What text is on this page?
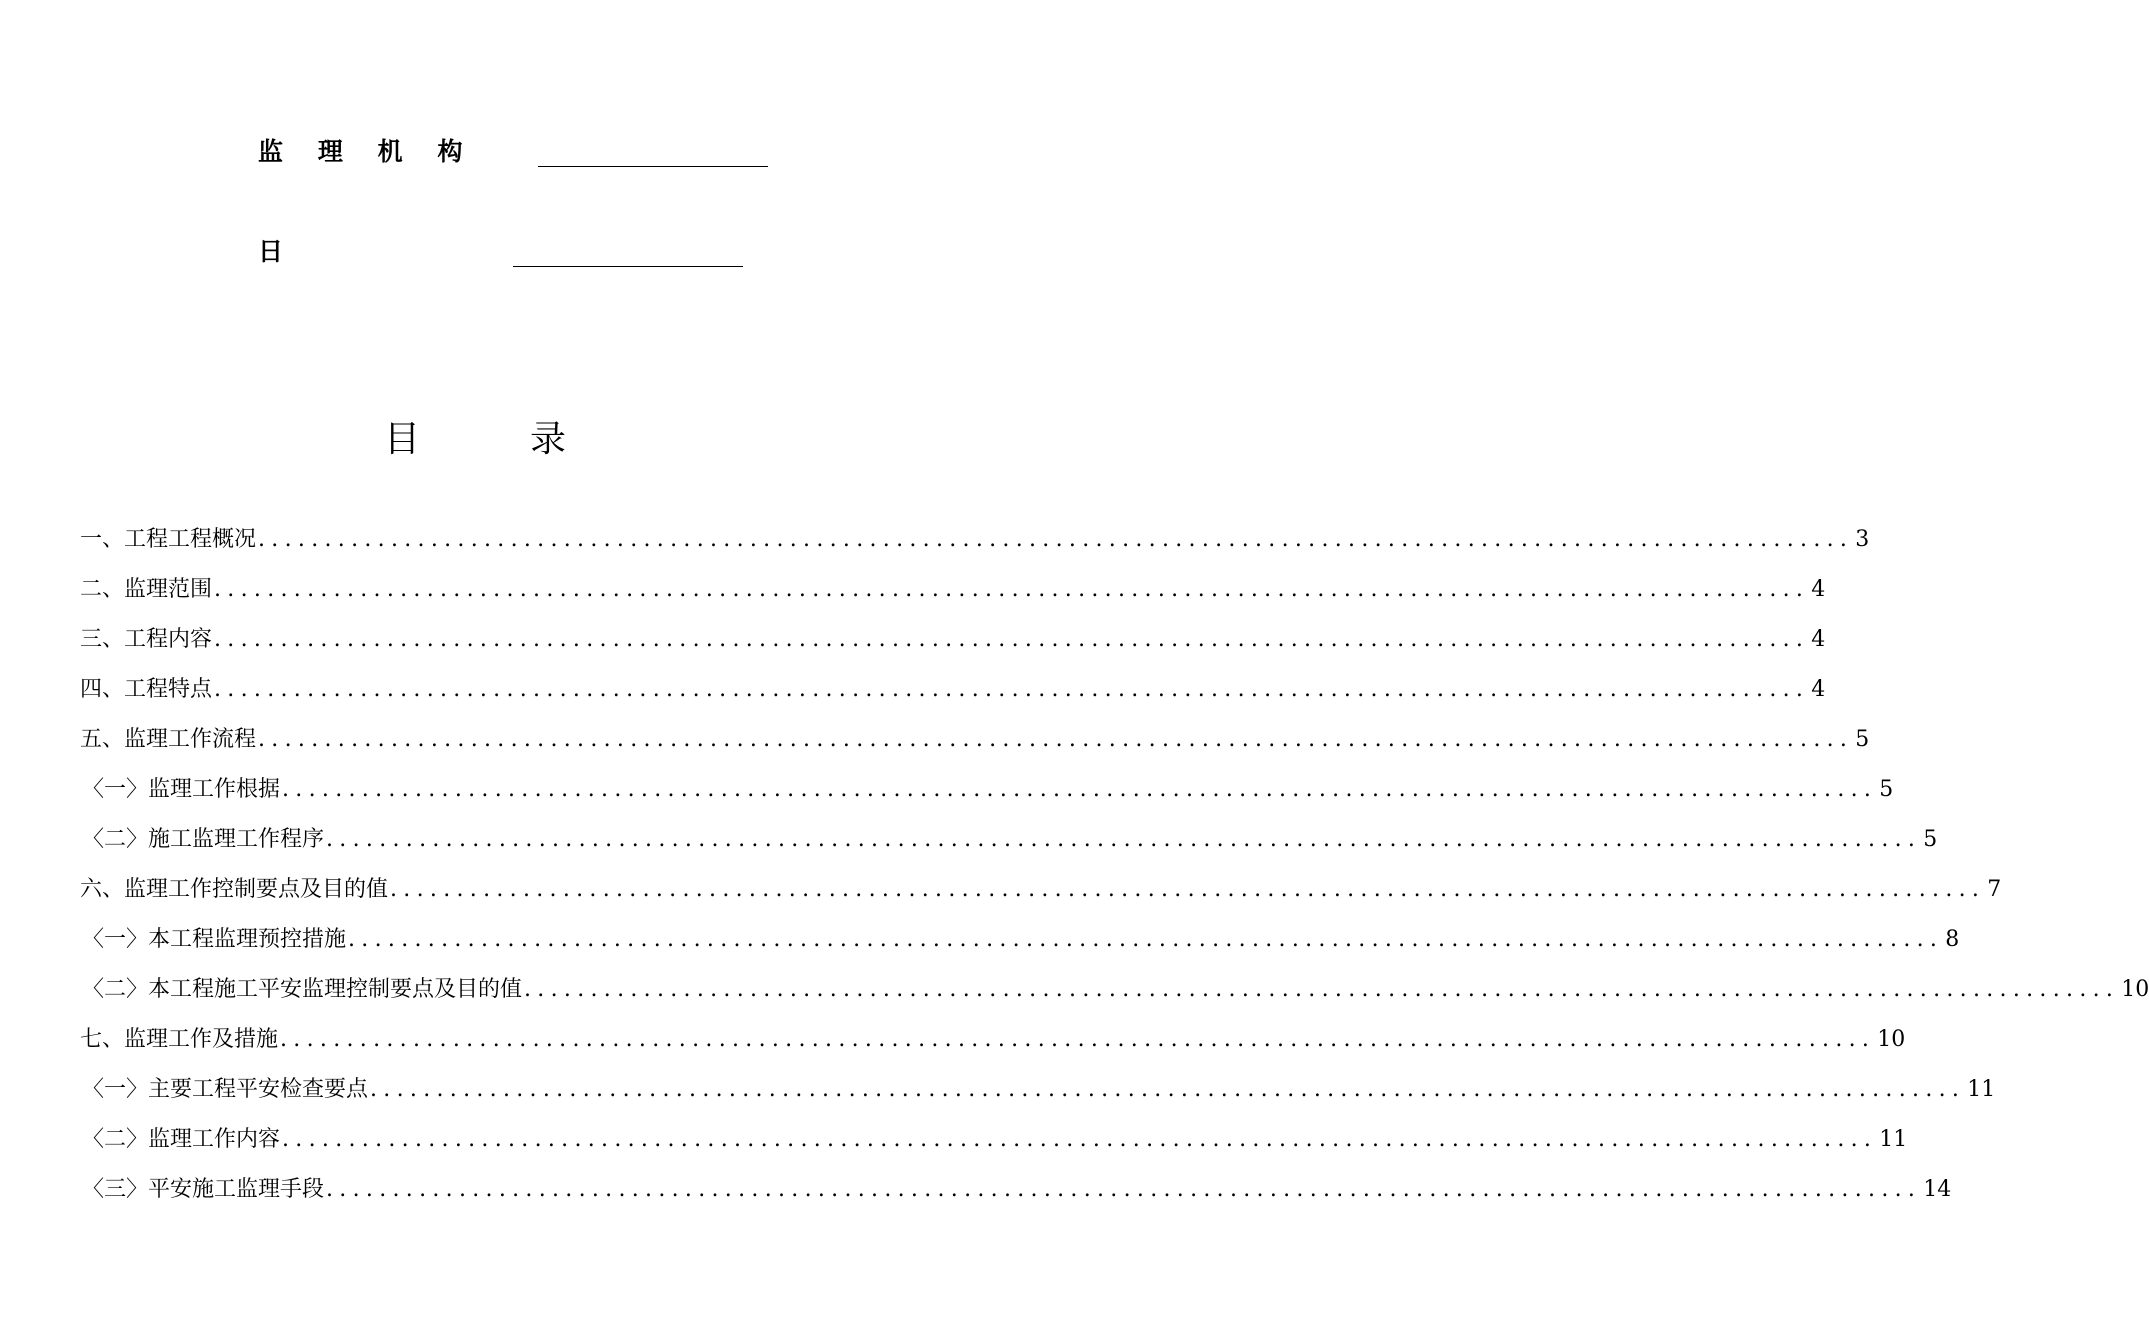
监    理    机    构
日
目	录
一、工程工程概况 ........................................................................................................................ 3
二、监理范围 ........................................................................................................................ 4
三、工程内容 ........................................................................................................................ 4
四、工程特点 ........................................................................................................................ 4
五、监理工作流程 ........................................................................................................................ 5
〈一〉监理工作根据 ........................................................................................................................ 5
〈二〉施工监理工作程序 ........................................................................................................................ 5
六、监理工作控制要点及目的值 ........................................................................................................................ 7
〈一〉本工程监理预控措施 ........................................................................................................................ 8
〈二〉本工程施工平安监理控制要点及目的值 ........................................................................................................................ 10
七、监理工作及措施 ........................................................................................................................ 10
〈一〉主要工程平安检查要点 ........................................................................................................................ 11
〈二〉监理工作内容 ........................................................................................................................ 11
〈三〉平安施工监理手段 ........................................................................................................................ 14
